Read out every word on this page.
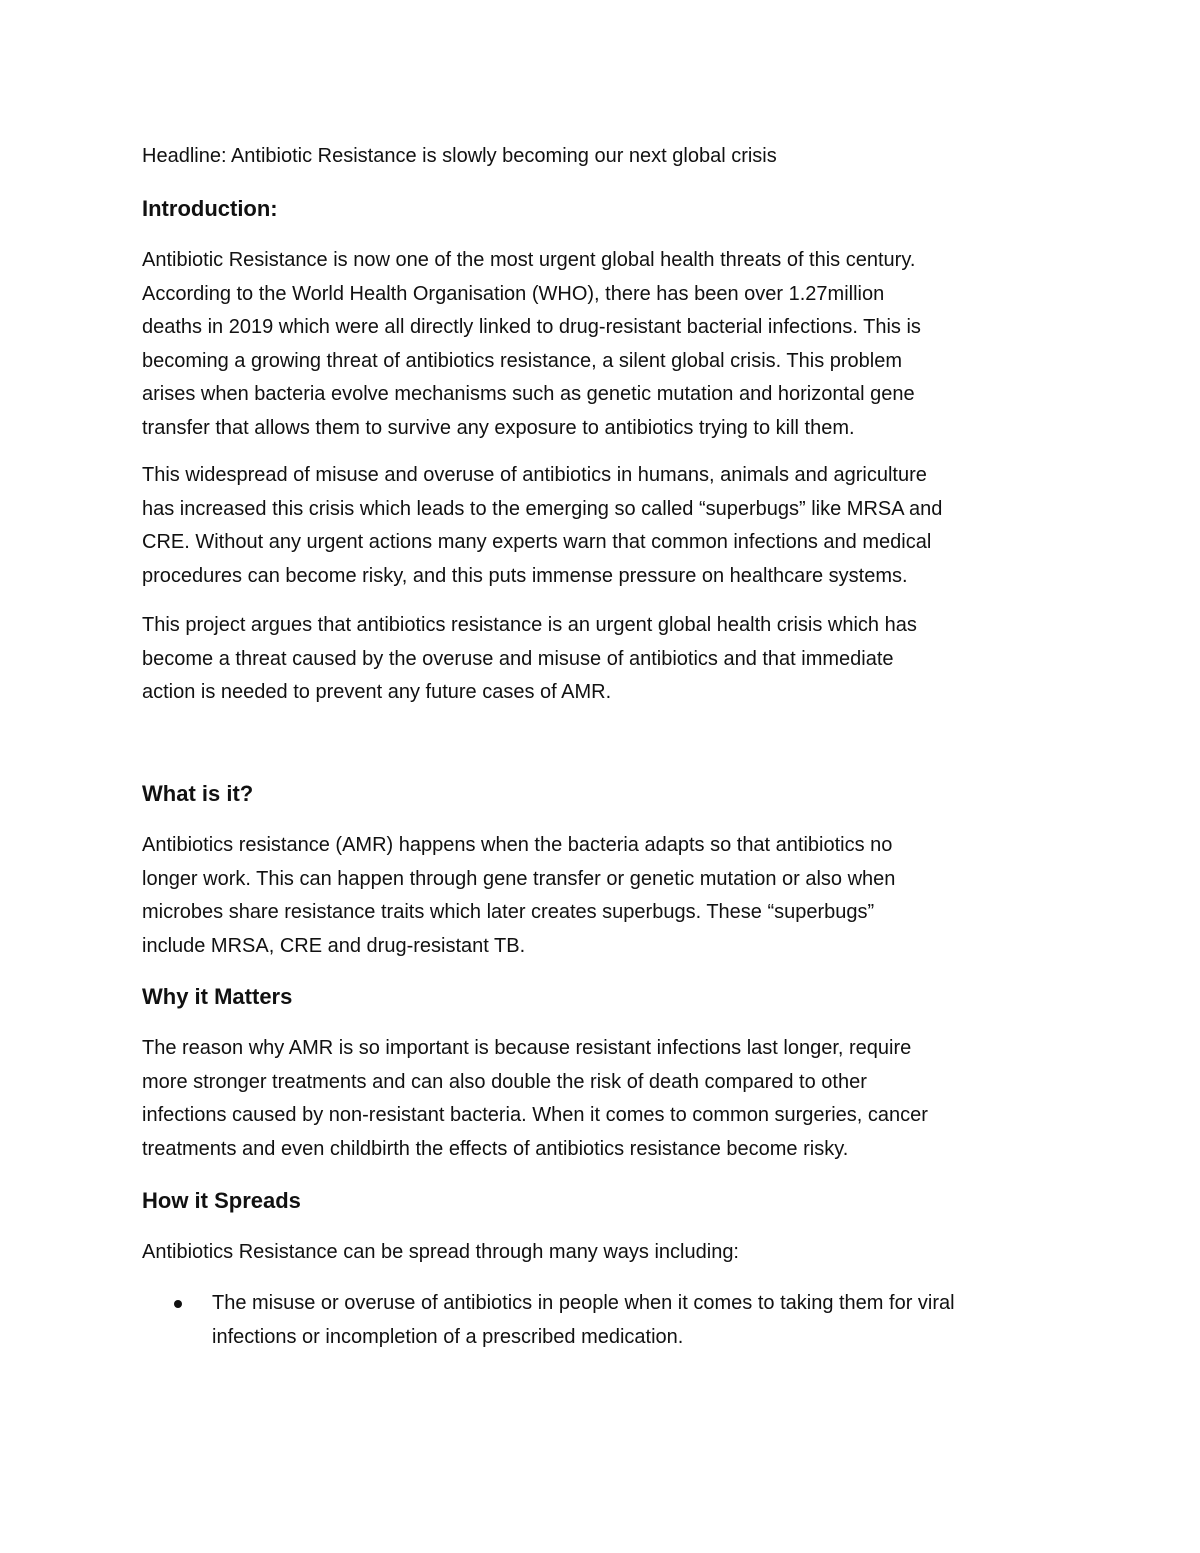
Headline: Antibiotic Resistance is slowly becoming our next global crisis

Introduction:
Antibiotic Resistance is now one of the most urgent global health threats of this century.
According to the World Health Organisation (WHO), there has been over 1.27million
deaths in 2019 which were all directly linked to drug-resistant bacterial infections. This is
becoming a growing threat of antibiotics resistance, a silent global crisis. This problem
arises when bacteria evolve mechanisms such as genetic mutation and horizontal gene
transfer that allows them to survive any exposure to antibiotics trying to kill them.
This widespread of misuse and overuse of antibiotics in humans, animals and agriculture
has increased this crisis which leads to the emerging so called “superbugs” like MRSA and
CRE. Without any urgent actions many experts warn that common infections and medical
procedures can become risky, and this puts immense pressure on healthcare systems.
This project argues that antibiotics resistance is an urgent global health crisis which has
become a threat caused by the overuse and misuse of antibiotics and that immediate
action is needed to prevent any future cases of AMR.
What is it?
Antibiotics resistance (AMR) happens when the bacteria adapts so that antibiotics no
longer work. This can happen through gene transfer or genetic mutation or also when
microbes share resistance traits which later creates superbugs. These “superbugs”
include MRSA, CRE and drug-resistant TB.
Why it Matters
The reason why AMR is so important is because resistant infections last longer, require
more stronger treatments and can also double the risk of death compared to other
infections caused by non-resistant bacteria. When it comes to common surgeries, cancer
treatments and even childbirth the effects of antibiotics resistance become risky.
How it Spreads

Antibiotics Resistance can be spread through many ways including:

The misuse or overuse of antibiotics in people when it comes to taking them for viral
infections or incompletion of a prescribed medication.
